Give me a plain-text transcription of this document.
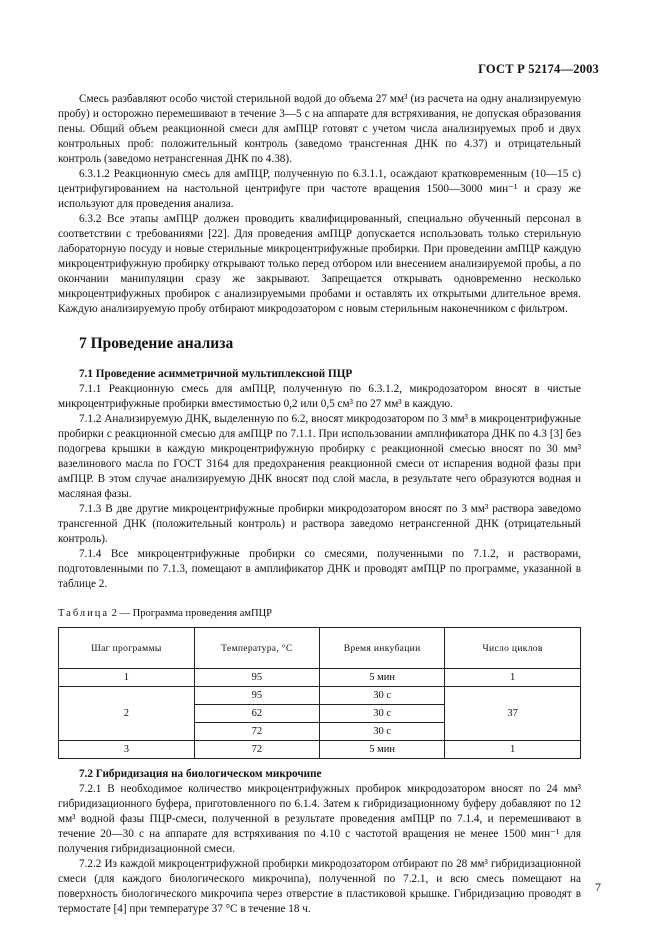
ГОСТ Р 52174—2003

Смесь разбавляют особо чистой стерильной водой до объема 27 мм³ (из расчета на одну анализируемую пробу) и осторожно перемешивают в течение 3—5 с на аппарате для встряхивания, не допуская образования пены. Общий объем реакционной смеси для амПЦР готовят с учетом числа анализируемых проб и двух контрольных проб: положительный контроль (заведомо трансгенная ДНК по 4.37) и отрицательный контроль (заведомо нетрансгенная ДНК по 4.38).

6.3.1.2 Реакционную смесь для амПЦР, полученную по 6.3.1.1, осаждают кратковременным (10—15 с) центрифугированием на настольной центрифуге при частоте вращения 1500—3000 мин⁻¹ и сразу же используют для проведения анализа.

6.3.2 Все этапы амПЦР должен проводить квалифицированный, специально обученный персонал в соответствии с требованиями [22]. Для проведения амПЦР допускается использовать только стерильную лабораторную посуду и новые стерильные микроцентрифужные пробирки. При проведении амПЦР каждую микроцентрифужную пробирку открывают только перед отбором или внесением анализируемой пробы, а по окончании манипуляции сразу же закрывают. Запрещается открывать одновременно несколько микроцентрифужных пробирок с анализируемыми пробами и оставлять их открытыми длительное время. Каждую анализируемую пробу отбирают микродозатором с новым стерильным наконечником с фильтром.

7 Проведение анализа
7.1 Проведение асимметричной мультиплексной ПЦР

7.1.1 Реакционную смесь для амПЦР, полученную по 6.3.1.2, микродозатором вносят в чистые микроцентрифужные пробирки вместимостью 0,2 или 0,5 см³ по 27 мм³ в каждую.

7.1.2 Анализируемую ДНК, выделенную по 6.2, вносят микродозатором по 3 мм³ в микроцентрифужные пробирки с реакционной смесью для амПЦР по 7.1.1. При использовании амплификатора ДНК по 4.3 [3] без подогрева крышки в каждую микроцентрифужную пробирку с реакционной смесью вносят по 30 мм³ вазелинового масла по ГОСТ 3164 для предохранения реакционной смеси от испарения водной фазы при амПЦР. В этом случае анализируемую ДНК вносят под слой масла, в результате чего образуются водная и масляная фазы.

7.1.3 В две другие микроцентрифужные пробирки микродозатором вносят по 3 мм³ раствора заведомо трансгенной ДНК (положительный контроль) и раствора заведомо нетрансгенной ДНК (отрицательный контроль).

7.1.4 Все микроцентрифужные пробирки со смесями, полученными по 7.1.2, и растворами, подготовленными по 7.1.3, помещают в амплификатор ДНК и проводят амПЦР по программе, указанной в таблице 2.

Таблица 2 — Программа проведения амПЦР
Шаг программы	Температура, °С	Время инкубации	Число циклов
1	95	5 мин	1
2	95	30 с	37
	62	30 с	
	72	30 с	
3	72	5 мин	1
7.2 Гибридизация на биологическом микрочипе

7.2.1 В необходимое количество микроцентрифужных пробирок микродозатором вносят по 24 мм³ гибридизационного буфера, приготовленного по 6.1.4. Затем к гибридизационному буферу добавляют по 12 мм³ водной фазы ПЦР-смеси, полученной в результате проведения амПЦР по 7.1.4, и перемешивают в течение 20—30 с на аппарате для встряхивания по 4.10 с частотой вращения не менее 1500 мин⁻¹ для получения гибридизационной смеси.

7.2.2 Из каждой микроцентрифужной пробирки микродозатором отбирают по 28 мм³ гибридизационной смеси (для каждого биологического микрочипа), полученной по 7.2.1, и всю смесь помещают на поверхность биологического микрочипа через отверстие в пластиковой крышке. Гибридизацию проводят в термостате [4] при температуре 37 °С в течение 18 ч.

7
